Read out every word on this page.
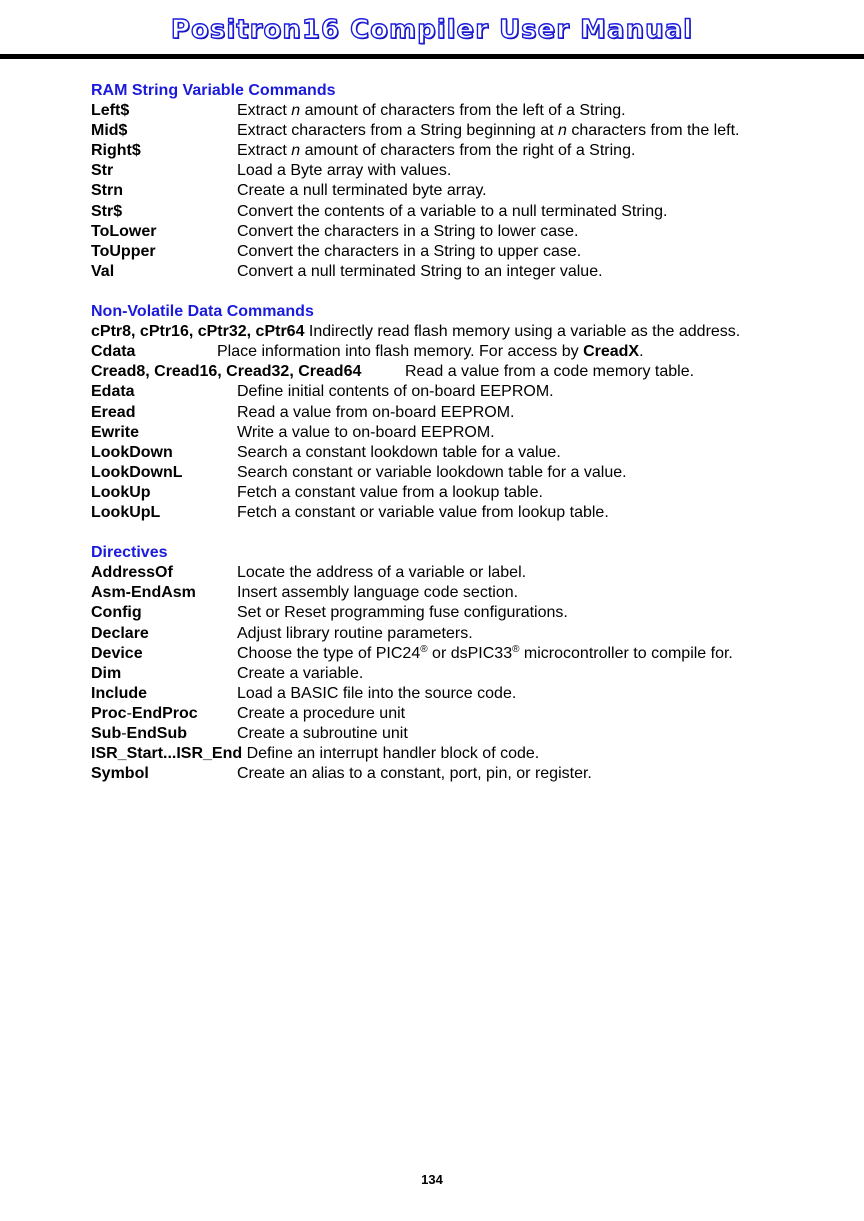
Positron16 Compiler User Manual
RAM String Variable Commands
Left$	Extract n amount of characters from the left of a String.
Mid$	Extract characters from a String beginning at n characters from the left.
Right$	Extract n amount of characters from the right of a String.
Str	Load a Byte array with values.
Strn	Create a null terminated byte array.
Str$	Convert the contents of a variable to a null terminated String.
ToLower	Convert the characters in a String to lower case.
ToUpper	Convert the characters in a String to upper case.
Val	Convert a null terminated String to an integer value.
Non-Volatile Data Commands
cPtr8, cPtr16, cPtr32, cPtr64 Indirectly read flash memory using a variable as the address.
Cdata	Place information into flash memory. For access by CreadX.
Cread8, Cread16, Cread32, Cread64	Read a value from a code memory table.
Edata	Define initial contents of on-board EEPROM.
Eread	Read a value from on-board EEPROM.
Ewrite	Write a value to on-board EEPROM.
LookDown	Search a constant lookdown table for a value.
LookDownL	Search constant or variable lookdown table for a value.
LookUp	Fetch a constant value from a lookup table.
LookUpL	Fetch a constant or variable value from lookup table.
Directives
AddressOf	Locate the address of a variable or label.
Asm-EndAsm	Insert assembly language code section.
Config	Set or Reset programming fuse configurations.
Declare	Adjust library routine parameters.
Device	Choose the type of PIC24® or dsPIC33® microcontroller to compile for.
Dim	Create a variable.
Include	Load a BASIC file into the source code.
Proc-EndProc Create a procedure unit
Sub-EndSub	Create a subroutine unit
ISR_Start...ISR_End Define an interrupt handler block of code.
Symbol	Create an alias to a constant, port, pin, or register.
134
